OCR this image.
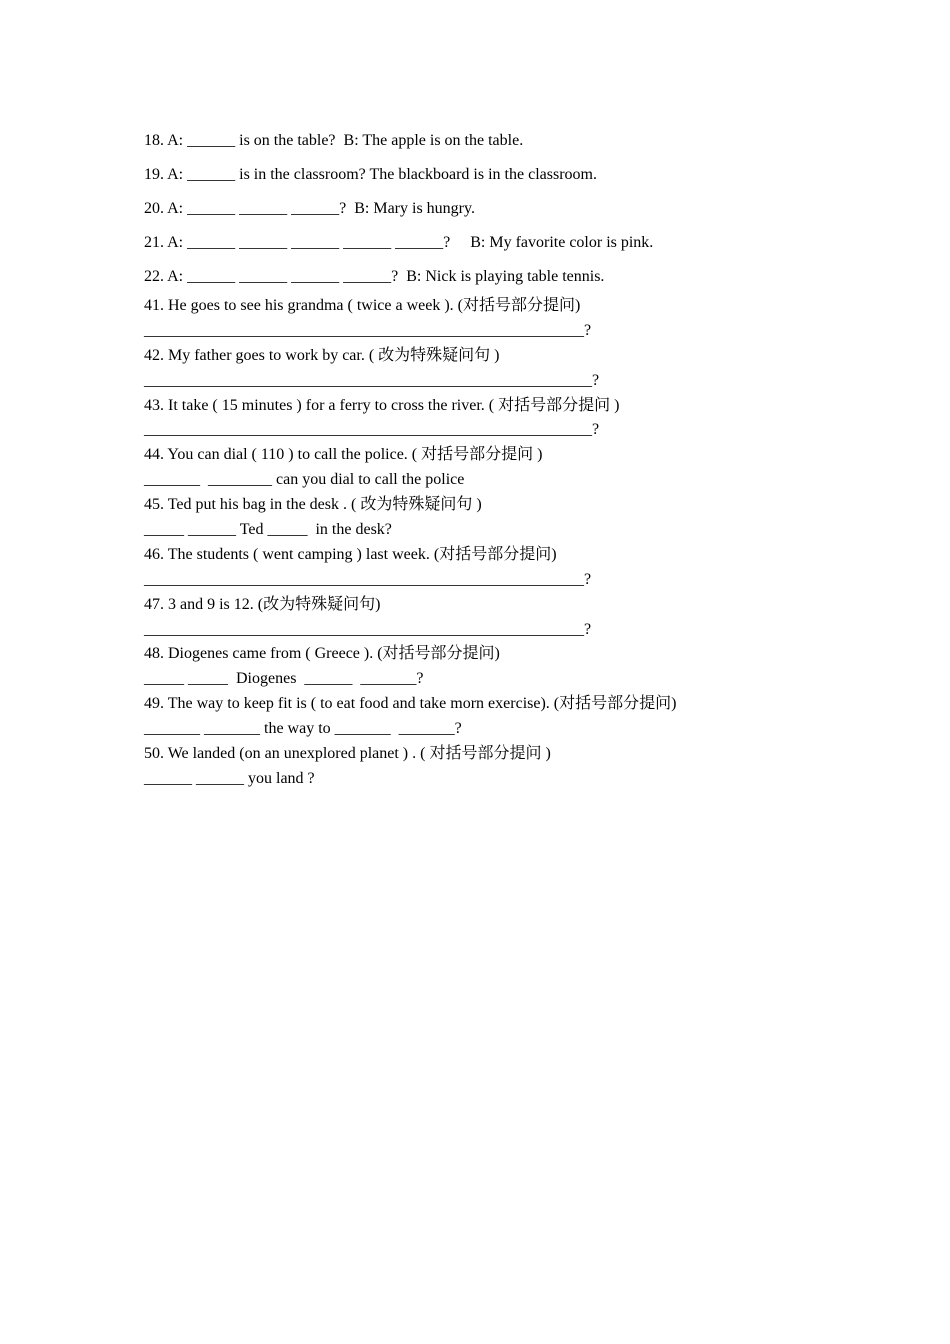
18. A: ______ is on the table?  B: The apple is on the table.
19. A: ______ is in the classroom? The blackboard is in the classroom.
20. A: ______ ______ ______?  B: Mary is hungry.
21. A: ______ ______ ______ ______ ______?     B: My favorite color is pink.
22. A: ______ ______ ______ ______?  B: Nick is playing table tennis.
41. He goes to see his grandma ( twice a week ). (对括号部分提问)
_______________________________________________________?
42. My father goes to work by car. ( 改为特殊疑问句 )
________________________________________________________?
43. It take ( 15 minutes ) for a ferry to cross the river. ( 对括号部分提问 )
________________________________________________________?
44. You can dial ( 110 ) to call the police. ( 对括号部分提问 )
_______  ________ can you dial to call the police
45. Ted put his bag in the desk . ( 改为特殊疑问句 )
_____ ______ Ted _____  in the desk?
46. The students ( went camping ) last week. (对括号部分提问)
_______________________________________________________?
47. 3 and 9 is 12. (改为特殊疑问句)
_______________________________________________________?
48. Diogenes came from ( Greece ). (对括号部分提问)
_____ _____  Diogenes  ______  _______?
49. The way to keep fit is ( to eat food and take morn exercise). (对括号部分提问)
_______ _______ the way to _______  _______?
50. We landed (on an unexplored planet ) . ( 对括号部分提问 )
______ ______ you land ?
